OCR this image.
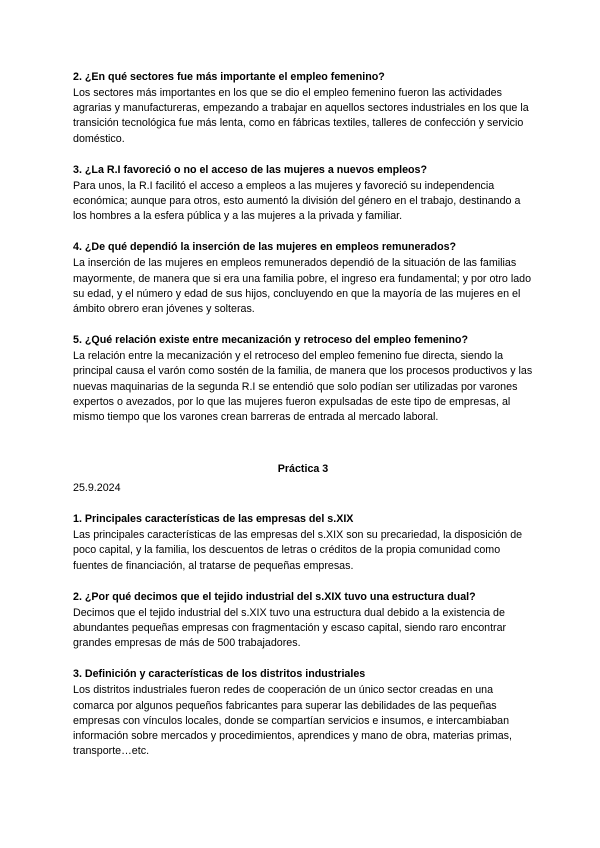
2. ¿En qué sectores fue más importante el empleo femenino?

Los sectores más importantes en los que se dio el empleo femenino fueron las actividades agrarias y manufactureras, empezando a trabajar en aquellos sectores industriales en los que la transición tecnológica fue más lenta, como en fábricas textiles, talleres de confección y servicio doméstico.

3. ¿La R.I favoreció o no el acceso de las mujeres a nuevos empleos?

Para unos, la R.I facilitó el acceso a empleos a las mujeres y favoreció su independencia económica; aunque para otros, esto aumentó la división del género en el trabajo, destinando a los hombres a la esfera pública y a las mujeres a la privada y familiar.

4. ¿De qué dependió la inserción de las mujeres en empleos remunerados?

La inserción de las mujeres en empleos remunerados dependió de la situación de las familias mayormente, de manera que si era una familia pobre, el ingreso era fundamental; y por otro lado su edad, y el número y edad de sus hijos, concluyendo en que la mayoría de las mujeres en el ámbito obrero eran jóvenes y solteras.

5. ¿Qué relación existe entre mecanización y retroceso del empleo femenino?

La relación entre la mecanización y el retroceso del empleo femenino fue directa, siendo la principal causa el varón como sostén de la familia, de manera que los procesos productivos y las nuevas maquinarias de la segunda R.I se entendió que solo podían ser utilizadas por varones expertos o avezados, por lo que las mujeres fueron expulsadas de este tipo de empresas, al mismo tiempo que los varones crean barreras de entrada al mercado laboral.

Práctica 3
25.9.2024
1. Principales características de las empresas del s.XIX

Las principales características de las empresas del s.XIX son su precariedad, la disposición de poco capital, y la familia, los descuentos de letras o créditos de la propia comunidad como fuentes de financiación, al tratarse de pequeñas empresas.

2. ¿Por qué decimos que el tejido industrial del s.XIX tuvo una estructura dual?

Decimos que el tejido industrial del s.XIX tuvo una estructura dual debido a la existencia de abundantes pequeñas empresas con fragmentación y escaso capital, siendo raro encontrar grandes empresas de más de 500 trabajadores.

3. Definición y características de los distritos industriales

Los distritos industriales fueron redes de cooperación de un único sector creadas en una comarca por algunos pequeños fabricantes para superar las debilidades de las pequeñas empresas con vínculos locales, donde se compartían servicios e insumos, e intercambiaban información sobre mercados y procedimientos, aprendices y mano de obra, materias primas, transporte…etc.
